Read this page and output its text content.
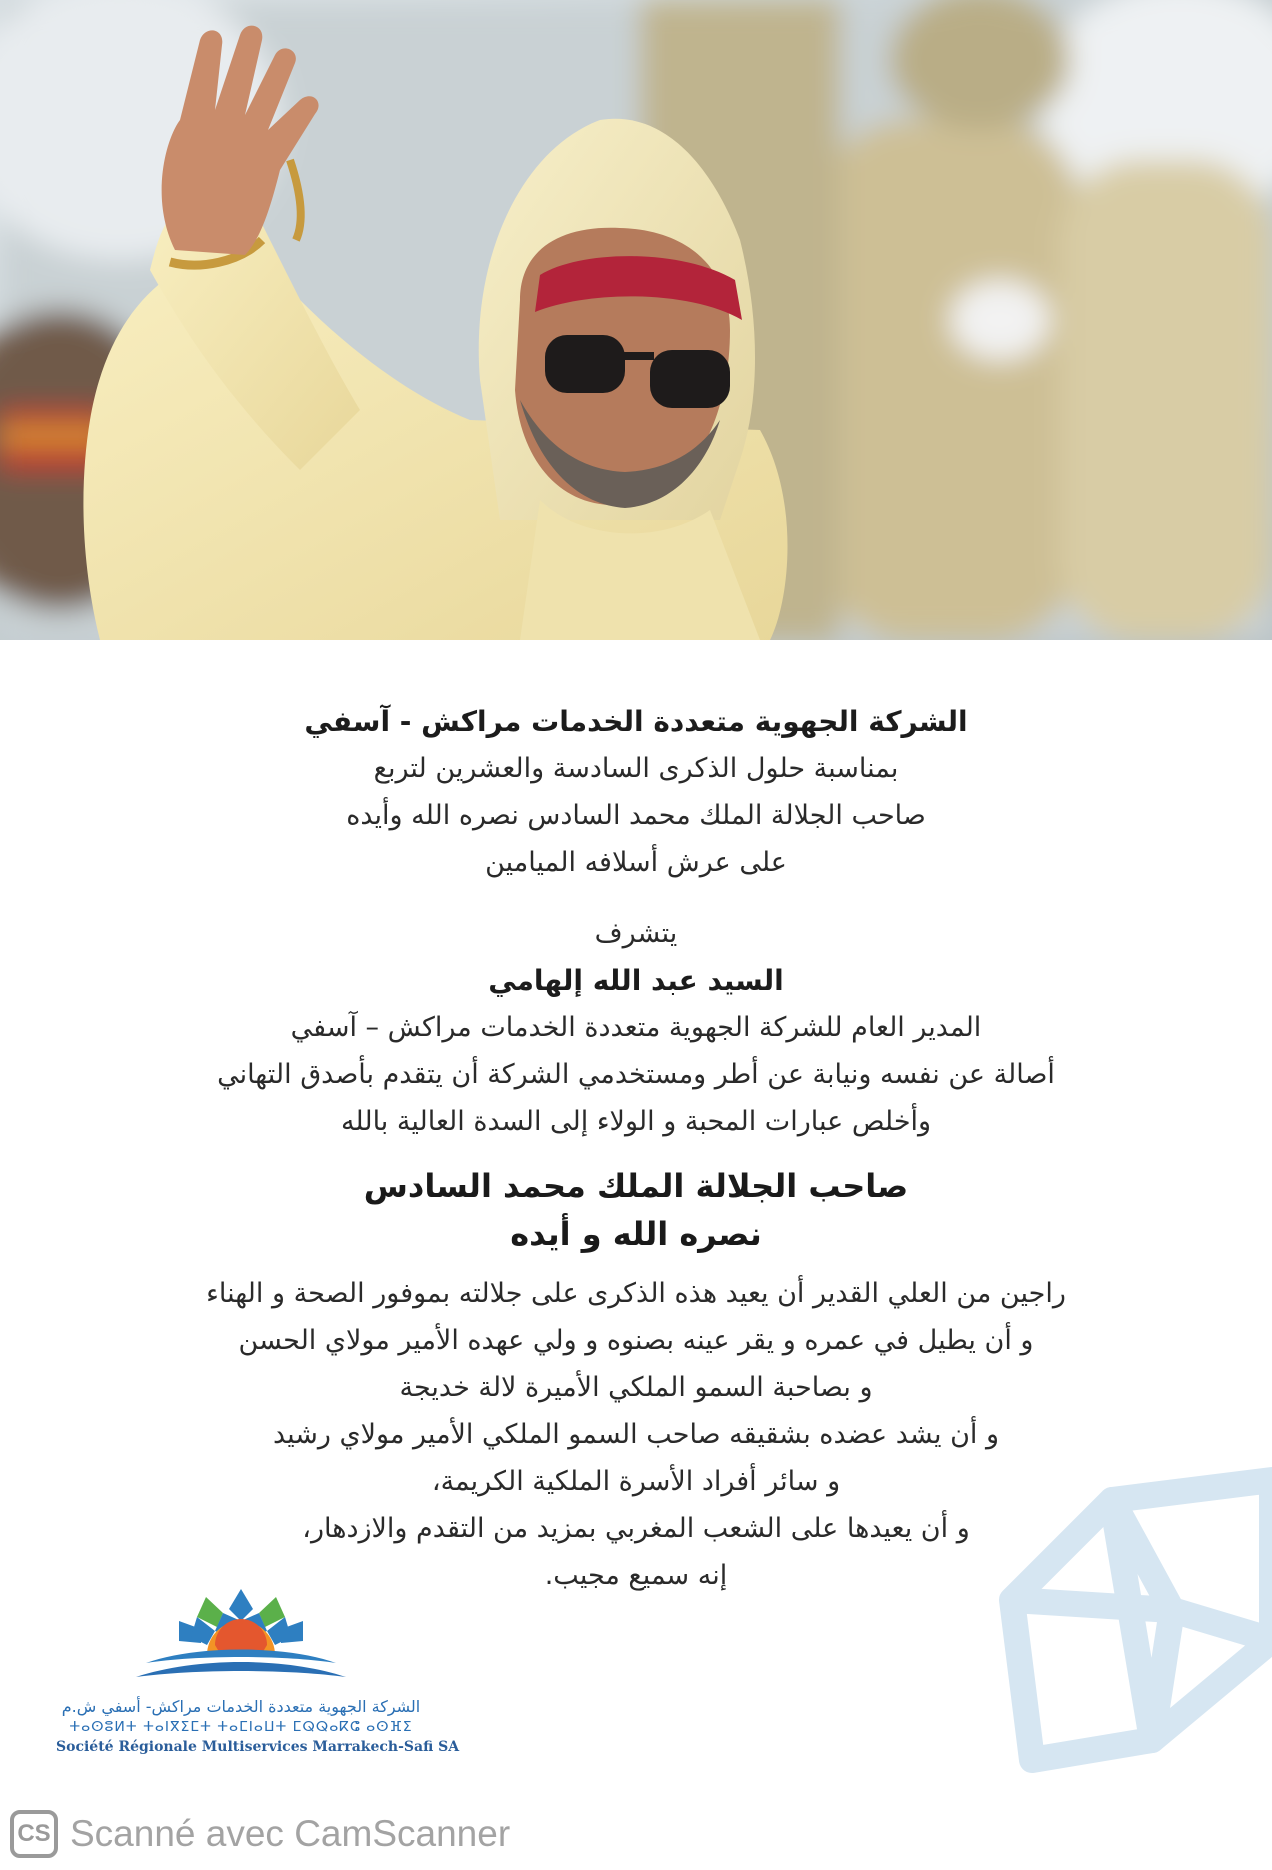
الشركة الجهوية متعددة الخدمات مراكش - آسفي
بمناسبة حلول الذكرى السادسة والعشرين لتربع
صاحب الجلالة الملك محمد السادس نصره الله وأيده
على عرش أسلافه الميامين
يتشرف
السيد عبد الله إلهامي
المدير العام للشركة الجهوية متعددة الخدمات مراكش – آسفي
أصالة عن نفسه ونيابة عن أطر ومستخدمي الشركة أن يتقدم بأصدق التهاني
وأخلص عبارات المحبة و الولاء إلى السدة العالية بالله
صاحب الجلالة الملك محمد السادس
نصره الله و أيده
راجين من العلي القدير أن يعيد هذه الذكرى على جلالته بموفور الصحة و الهناء
و أن يطيل في عمره و يقر عينه بصنوه و ولي عهده الأمير مولاي الحسن
و بصاحبة السمو الملكي الأميرة لالة خديجة
و أن يشد عضده بشقيقه صاحب السمو الملكي الأمير مولاي رشيد
و سائر أفراد الأسرة الملكية الكريمة،
و أن يعيدها على الشعب المغربي بمزيد من التقدم والازدهار،
إنه سميع مجيب.
الشركة الجهوية متعددة الخدمات مراكش- أسفي ش.م
ⵜⴰⵙⵓⵍⵜ ⵜⴰⵏⴳⵉⵎⵜ ⵜⴰⵎⵏⴰⵡⵜ ⵎⵕⵕⴰⴽⵛ ⴰⵙⴼⵉ
Société Régionale Multiservices Marrakech-Safi SA
CS Scanné avec CamScanner
